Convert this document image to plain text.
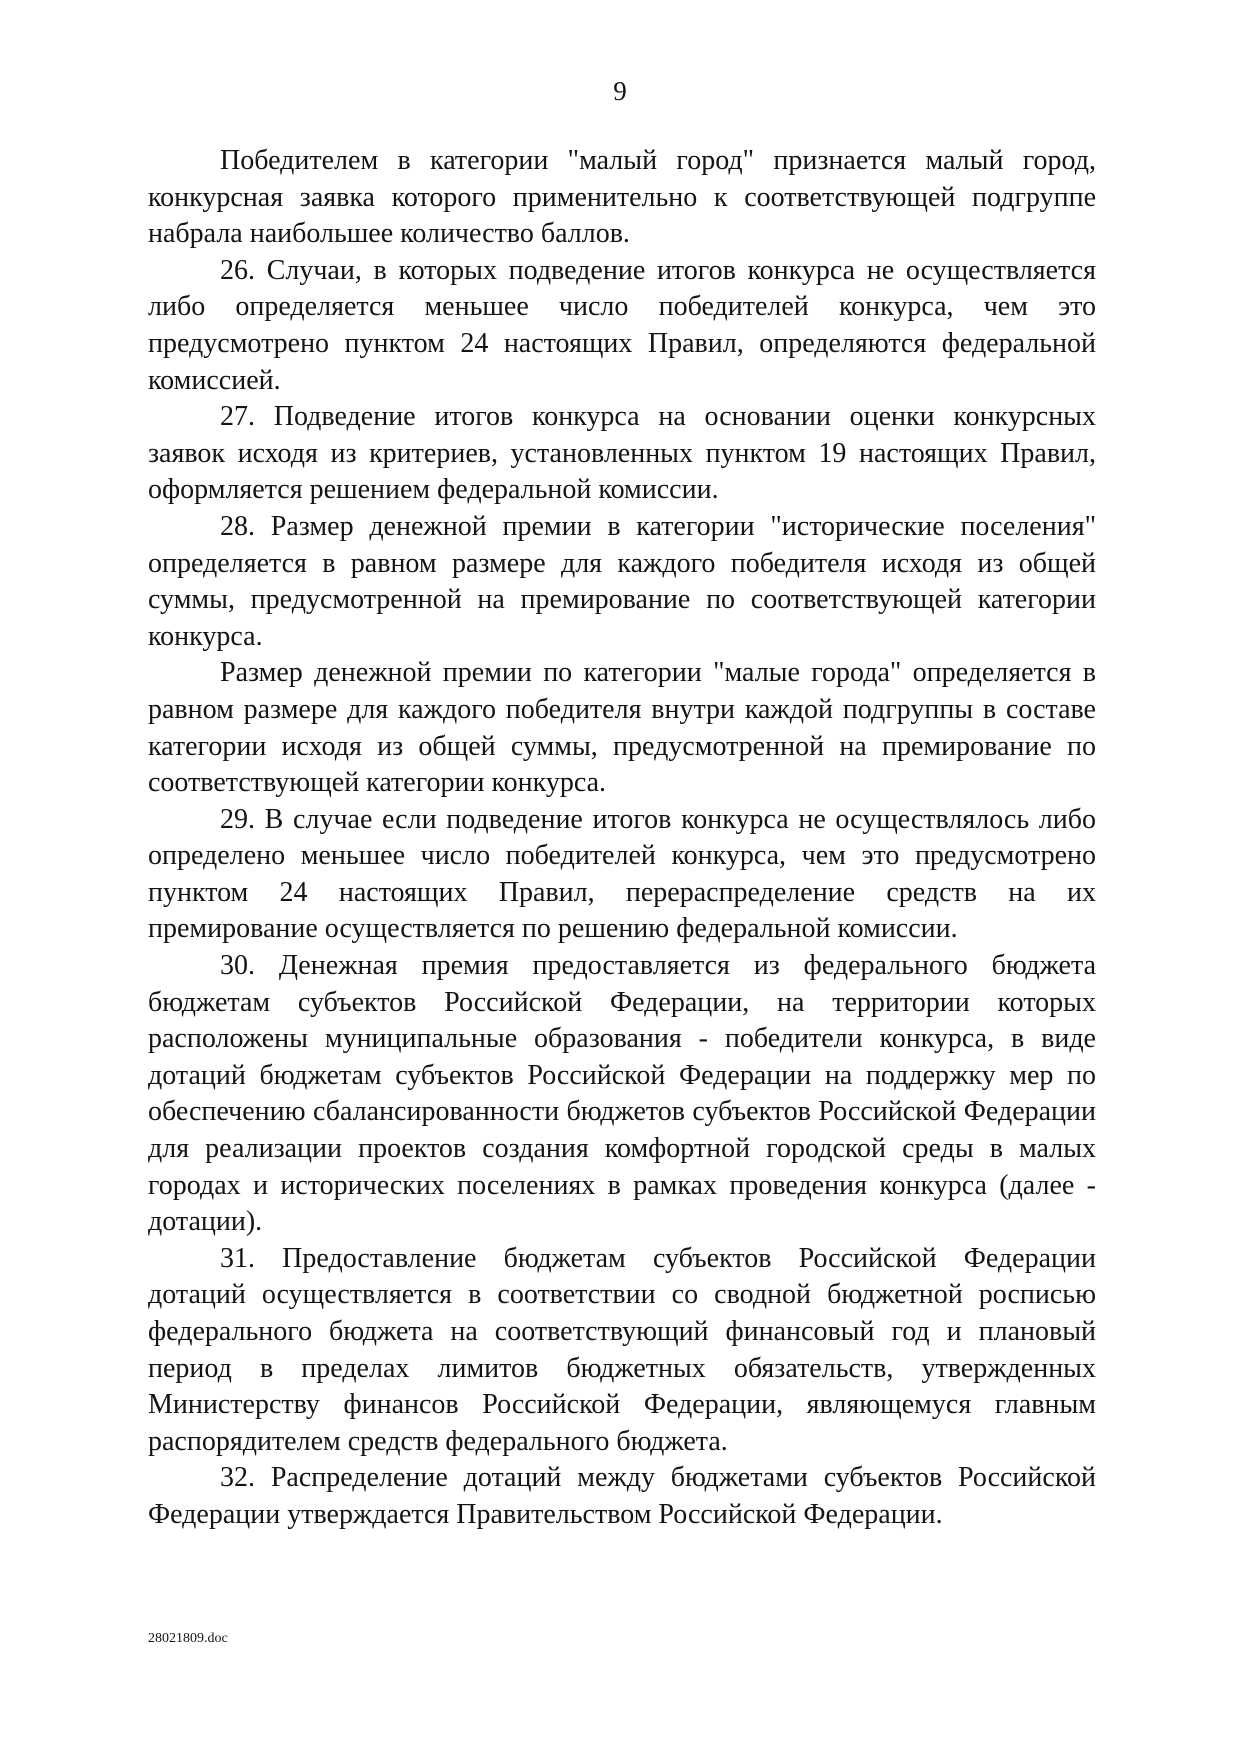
9

Победителем в категории "малый город" признается малый город, конкурсная заявка которого применительно к соответствующей подгруппе набрала наибольшее количество баллов.

26. Случаи, в которых подведение итогов конкурса не осуществляется либо определяется меньшее число победителей конкурса, чем это предусмотрено пунктом 24 настоящих Правил, определяются федеральной комиссией.

27. Подведение итогов конкурса на основании оценки конкурсных заявок исходя из критериев, установленных пунктом 19 настоящих Правил, оформляется решением федеральной комиссии.

28. Размер денежной премии в категории "исторические поселения" определяется в равном размере для каждого победителя исходя из общей суммы, предусмотренной на премирование по соответствующей категории конкурса.

Размер денежной премии по категории "малые города" определяется в равном размере для каждого победителя внутри каждой подгруппы в составе категории исходя из общей суммы, предусмотренной на премирование по соответствующей категории конкурса.

29. В случае если подведение итогов конкурса не осуществлялось либо определено меньшее число победителей конкурса, чем это предусмотрено пунктом 24 настоящих Правил, перераспределение средств на их премирование осуществляется по решению федеральной комиссии.

30. Денежная премия предоставляется из федерального бюджета бюджетам субъектов Российской Федерации, на территории которых расположены муниципальные образования - победители конкурса, в виде дотаций бюджетам субъектов Российской Федерации на поддержку мер по обеспечению сбалансированности бюджетов субъектов Российской Федерации для реализации проектов создания комфортной городской среды в малых городах и исторических поселениях в рамках проведения конкурса (далее - дотации).

31. Предоставление бюджетам субъектов Российской Федерации дотаций осуществляется в соответствии со сводной бюджетной росписью федерального бюджета на соответствующий финансовый год и плановый период в пределах лимитов бюджетных обязательств, утвержденных Министерству финансов Российской Федерации, являющемуся главным распорядителем средств федерального бюджета.

32. Распределение дотаций между бюджетами субъектов Российской Федерации утверждается Правительством Российской Федерации.

28021809.doc
